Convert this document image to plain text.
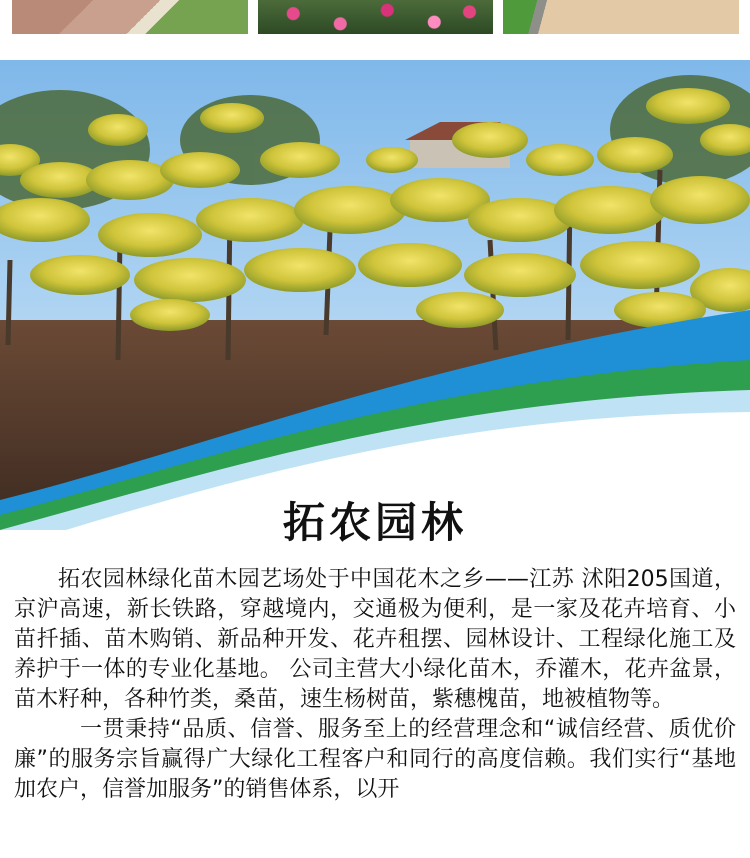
拓农园林

拓农园林绿化苗木园艺场处于中国花木之乡——江苏 沭阳205国道，京沪高速，新长铁路，穿越境内，交通极为便利，是一家及花卉培育、小苗扦插、苗木购销、新品种开发、花卉租摆、园林设计、工程绿化施工及养护于一体的专业化基地。 公司主营大小绿化苗木，乔灌木，花卉盆景，苗木籽种，各种竹类，桑苗，速生杨树苗，紫穗槐苗，地被植物等。

一贯秉持“品质、信誉、服务至上的经营理念和“诚信经营、质优价廉”的服务宗旨赢得广大绿化工程客户和同行的高度信赖。我们实行“基地加农户，信誉加服务”的销售体系，以开
